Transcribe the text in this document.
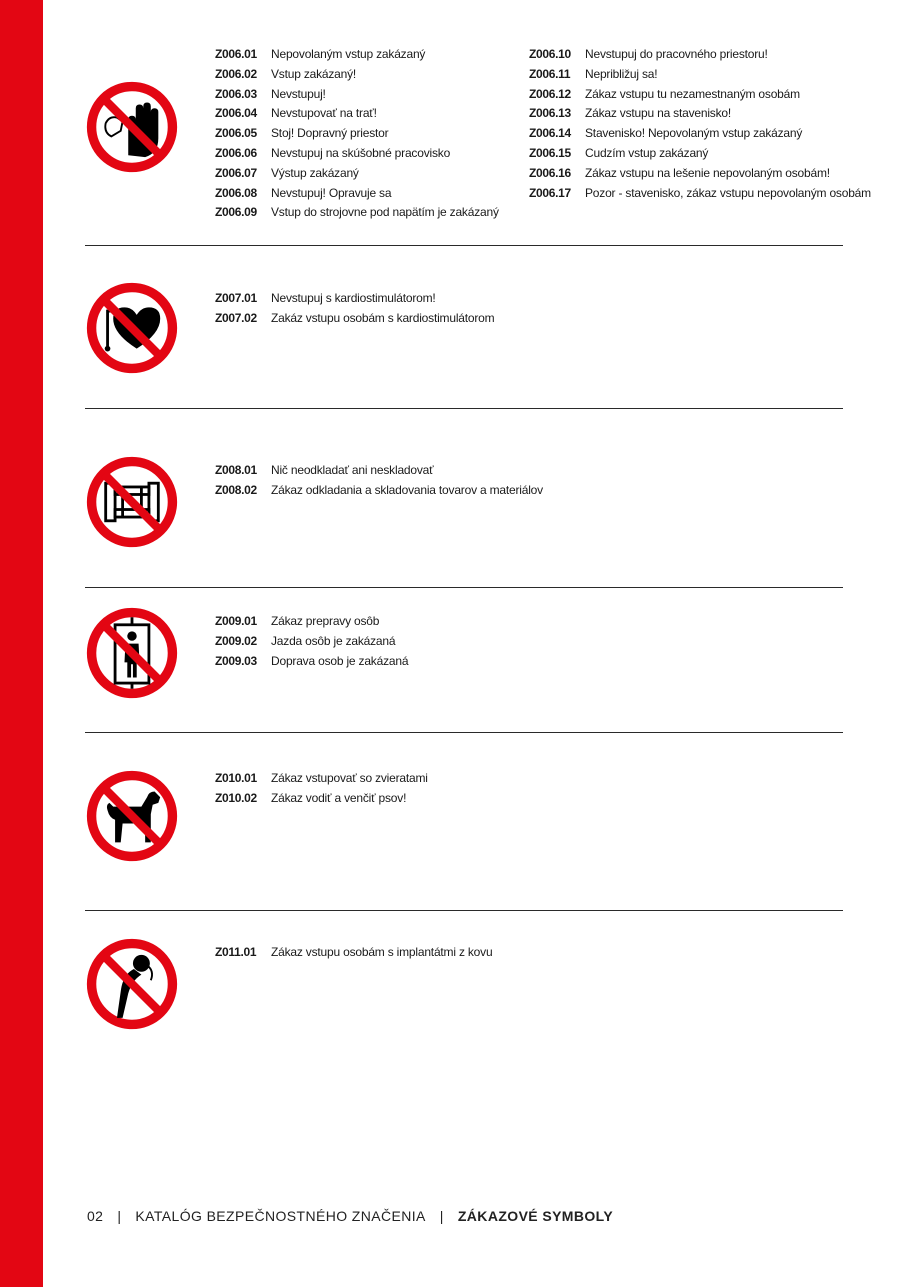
Z006.01	Nepovolaným vstup zakázaný
Z006.02	Vstup zakázaný!
Z006.03	Nevstupuj!
Z006.04	Nevstupovať na trať!
Z006.05	Stoj! Dopravný priestor
Z006.06	Nevstupuj na skúšobné pracovisko
Z006.07	Výstup zakázaný
Z006.08	Nevstupuj! Opravuje sa
Z006.09	Vstup do strojovne pod napätím je zakázaný
Z006.10	Nevstupuj do pracovného priestoru!
Z006.11	Nepribližuj sa!
Z006.12	Zákaz vstupu tu nezamestnaným osobám
Z006.13	Zákaz vstupu na stavenisko!
Z006.14	Stavenisko! Nepovolaným vstup zakázaný
Z006.15	Cudzím vstup zakázaný
Z006.16	Zákaz vstupu na lešenie nepovolaným osobám!
Z006.17	Pozor - stavenisko, zákaz vstupu nepovolaným osobám
Z007.01	Nevstupuj s kardiostimulátorom!
Z007.02	Zakáz vstupu osobám s kardiostimulátorom
Z008.01	Nič neodkladať ani neskladovať
Z008.02	Zákaz odkladania a skladovania tovarov a materiálov
Z009.01	Zákaz prepravy osôb
Z009.02	Jazda osôb je zakázaná
Z009.03	Doprava osob je zakázaná
Z010.01	Zákaz vstupovať so zvieratami
Z010.02	Zákaz vodiť a venčiť psov!
Z011.01	Zákaz vstupu osobám s implantátmi z kovu
02 | KATALÓG BEZPEČNOSTNÉHO ZNAČENIA | ZÁKAZOVÉ SYMBOLY
